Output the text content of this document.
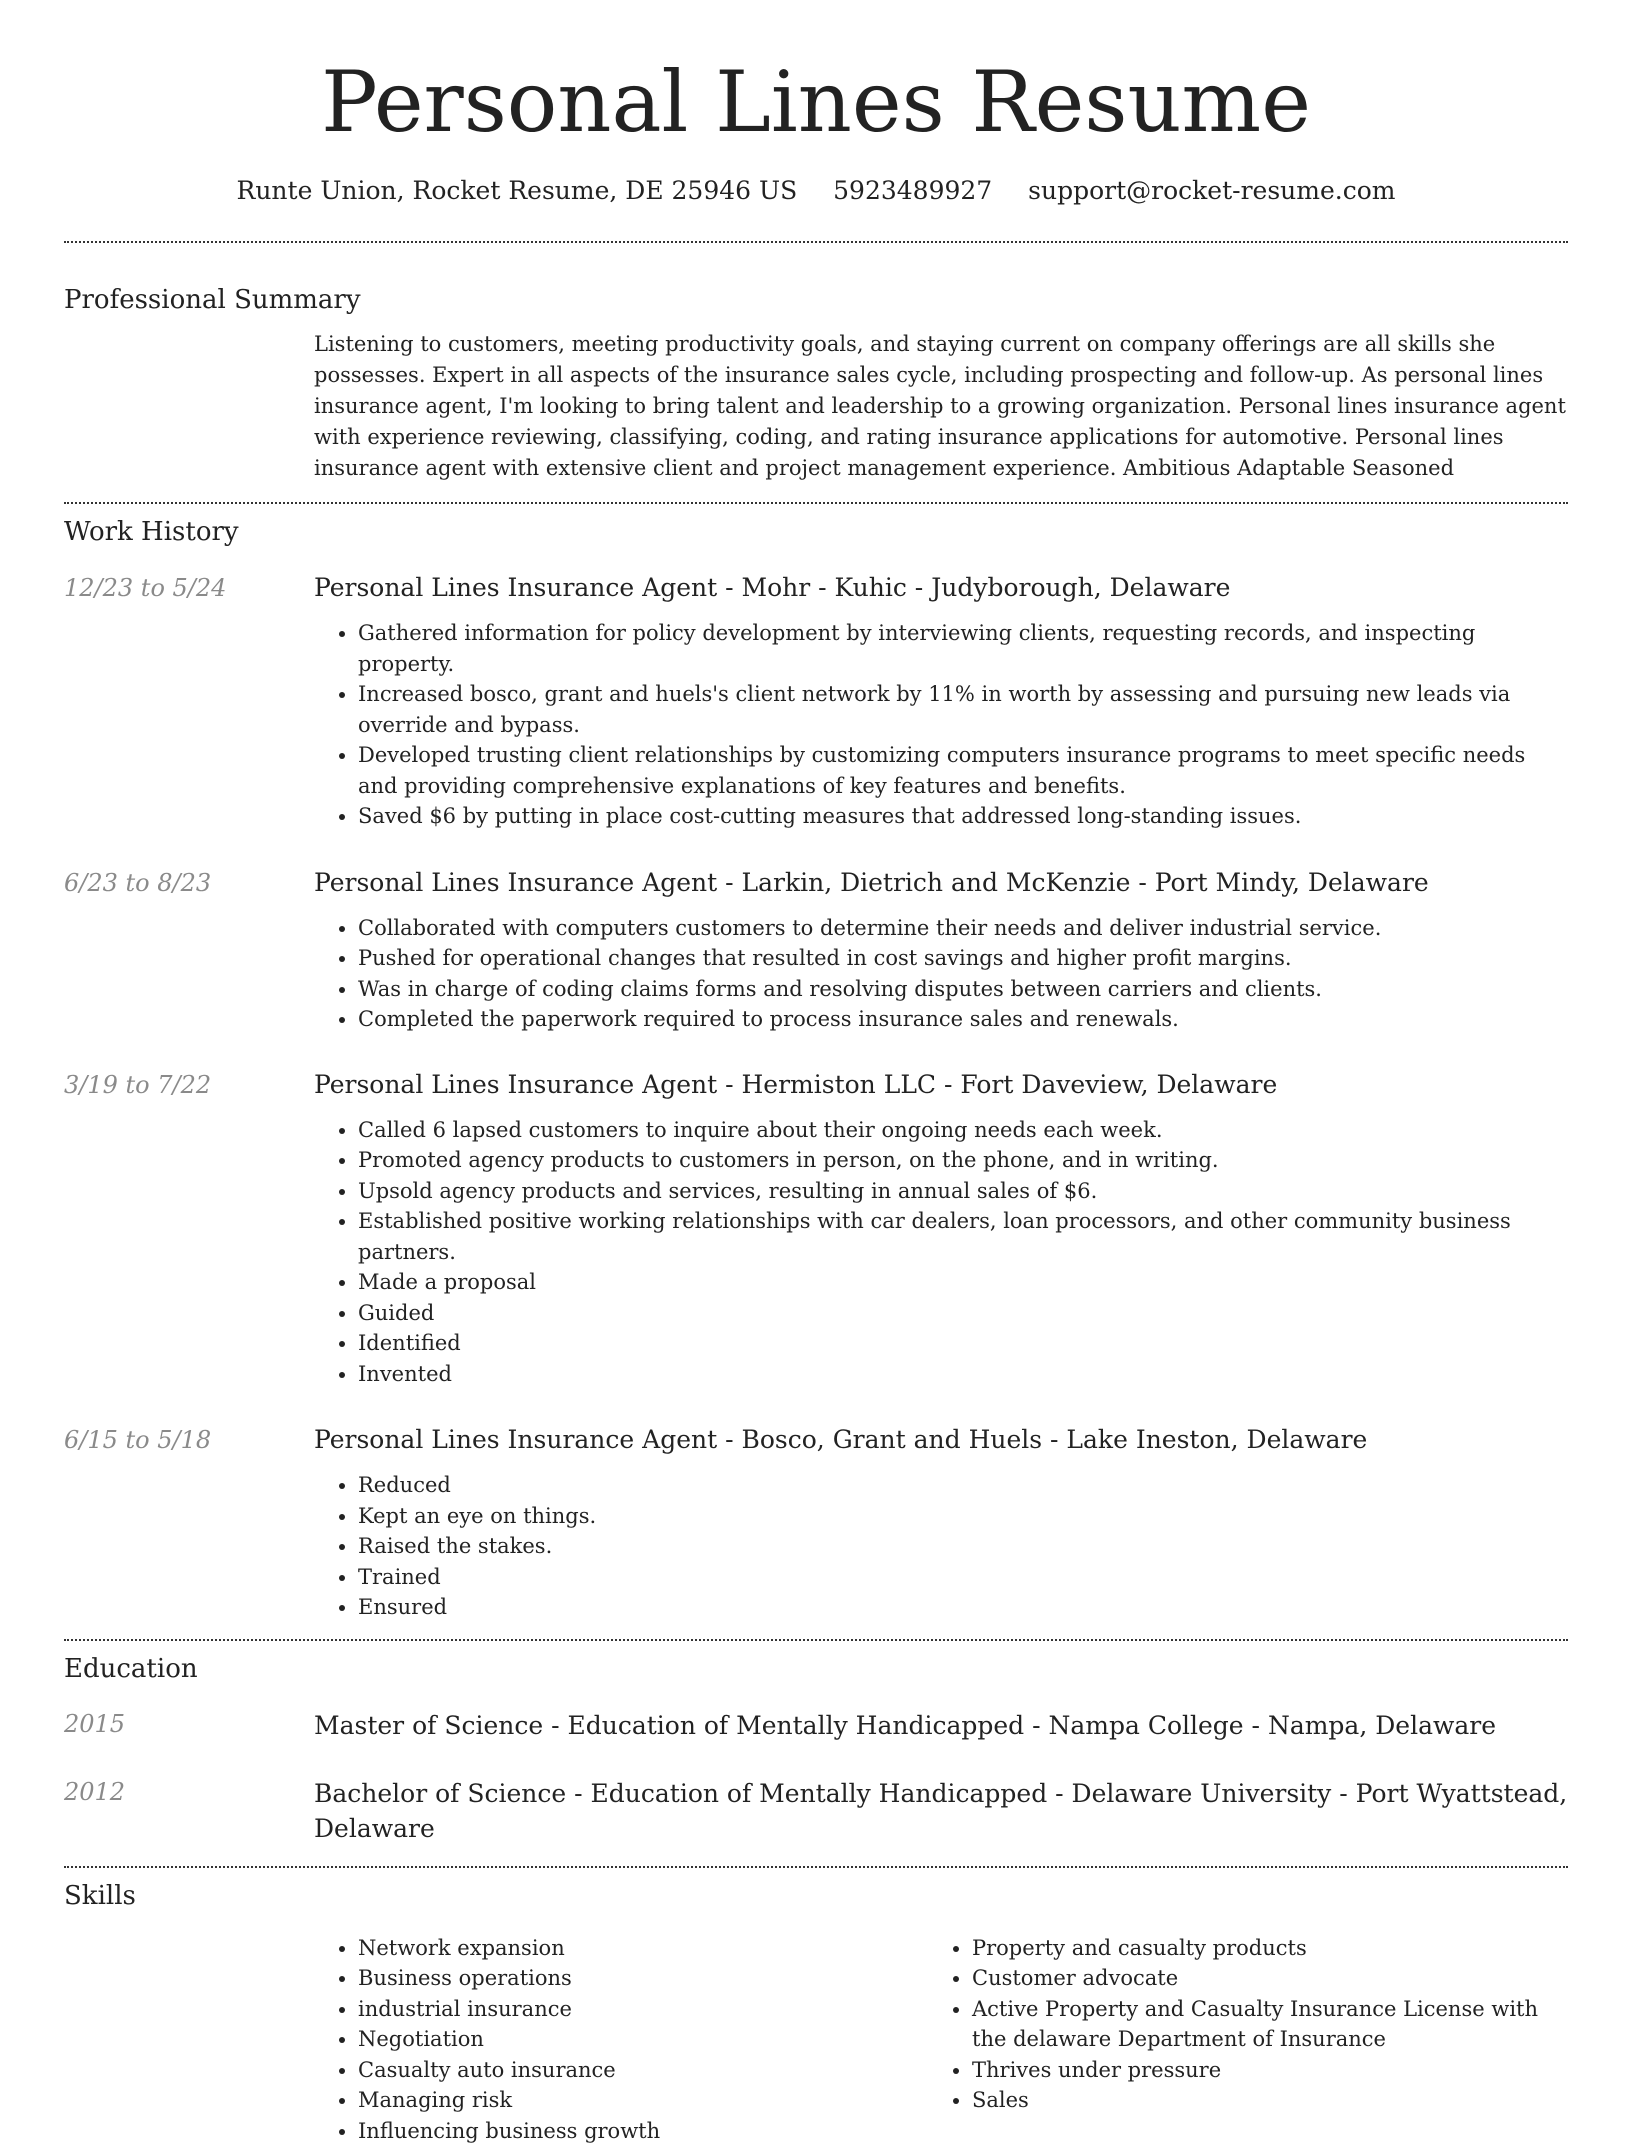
Personal Lines Resume
Runte Union, Rocket Resume, DE 25946 US 5923489927 support@rocket-resume.com
Professional Summary

Listening to customers, meeting productivity goals, and staying current on company offerings are all skills she possesses. Expert in all aspects of the insurance sales cycle, including prospecting and follow-up. As personal lines insurance agent, I'm looking to bring talent and leadership to a growing organization. Personal lines insurance agent with experience reviewing, classifying, coding, and rating insurance applications for automotive. Personal lines insurance agent with extensive client and project management experience. Ambitious Adaptable Seasoned

Work History
12/23 to 5/24	Personal Lines Insurance Agent - Mohr - Kuhic - Judyborough, Delaware
• Gathered information for policy development by interviewing clients, requesting records, and inspecting property.
• Increased bosco, grant and huels's client network by 11% in worth by assessing and pursuing new leads via override and bypass.
• Developed trusting client relationships by customizing computers insurance programs to meet specific needs and providing comprehensive explanations of key features and benefits.
• Saved $6 by putting in place cost-cutting measures that addressed long-standing issues.
6/23 to 8/23	Personal Lines Insurance Agent - Larkin, Dietrich and McKenzie - Port Mindy, Delaware
• Collaborated with computers customers to determine their needs and deliver industrial service.
• Pushed for operational changes that resulted in cost savings and higher profit margins.
• Was in charge of coding claims forms and resolving disputes between carriers and clients.
• Completed the paperwork required to process insurance sales and renewals.
3/19 to 7/22	Personal Lines Insurance Agent - Hermiston LLC - Fort Daveview, Delaware
• Called 6 lapsed customers to inquire about their ongoing needs each week.
• Promoted agency products to customers in person, on the phone, and in writing.
• Upsold agency products and services, resulting in annual sales of $6.
• Established positive working relationships with car dealers, loan processors, and other community business partners.
• Made a proposal
• Guided
• Identified
• Invented
6/15 to 5/18	Personal Lines Insurance Agent - Bosco, Grant and Huels - Lake Ineston, Delaware
• Reduced
• Kept an eye on things.
• Raised the stakes.
• Trained
• Ensured
Education
2015	Master of Science - Education of Mentally Handicapped - Nampa College - Nampa, Delaware
2012	Bachelor of Science - Education of Mentally Handicapped - Delaware University - Port Wyattstead, Delaware
Skills
• Network expansion
• Business operations
• industrial insurance
• Negotiation
• Casualty auto insurance
• Managing risk
• Influencing business growth
• Property and casualty products
• Customer advocate
• Active Property and Casualty Insurance License with the delaware Department of Insurance
• Thrives under pressure
• Sales
